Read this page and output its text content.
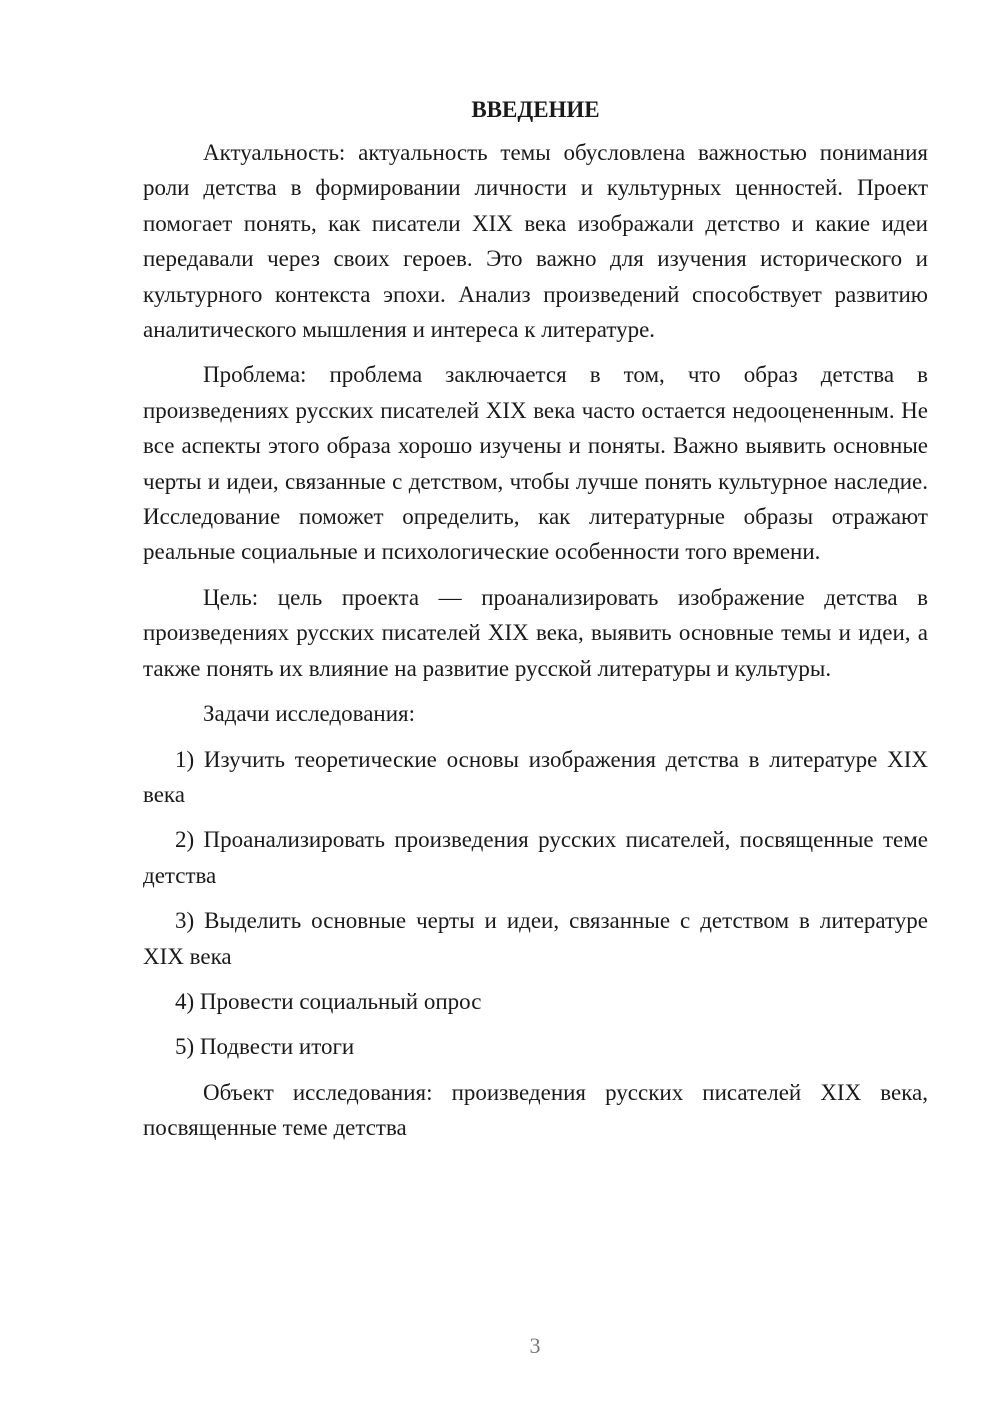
ВВЕДЕНИЕ

Актуальность: актуальность темы обусловлена важностью понимания роли детства в формировании личности и культурных ценностей. Проект помогает понять, как писатели XIX века изображали детство и какие идеи передавали через своих героев. Это важно для изучения исторического и культурного контекста эпохи. Анализ произведений способствует развитию аналитического мышления и интереса к литературе.

Проблема: проблема заключается в том, что образ детства в произведениях русских писателей XIX века часто остается недооцененным. Не все аспекты этого образа хорошо изучены и поняты. Важно выявить основные черты и идеи, связанные с детством, чтобы лучше понять культурное наследие. Исследование поможет определить, как литературные образы отражают реальные социальные и психологические особенности того времени.

Цель: цель проекта — проанализировать изображение детства в произведениях русских писателей XIX века, выявить основные темы и идеи, а также понять их влияние на развитие русской литературы и культуры.

Задачи исследования:

1) Изучить теоретические основы изображения детства в литературе XIX века

2) Проанализировать произведения русских писателей, посвященные теме детства

3) Выделить основные черты и идеи, связанные с детством в литературе XIX века

4) Провести социальный опрос

5) Подвести итоги

Объект исследования: произведения русских писателей XIX века, посвященные теме детства

3
